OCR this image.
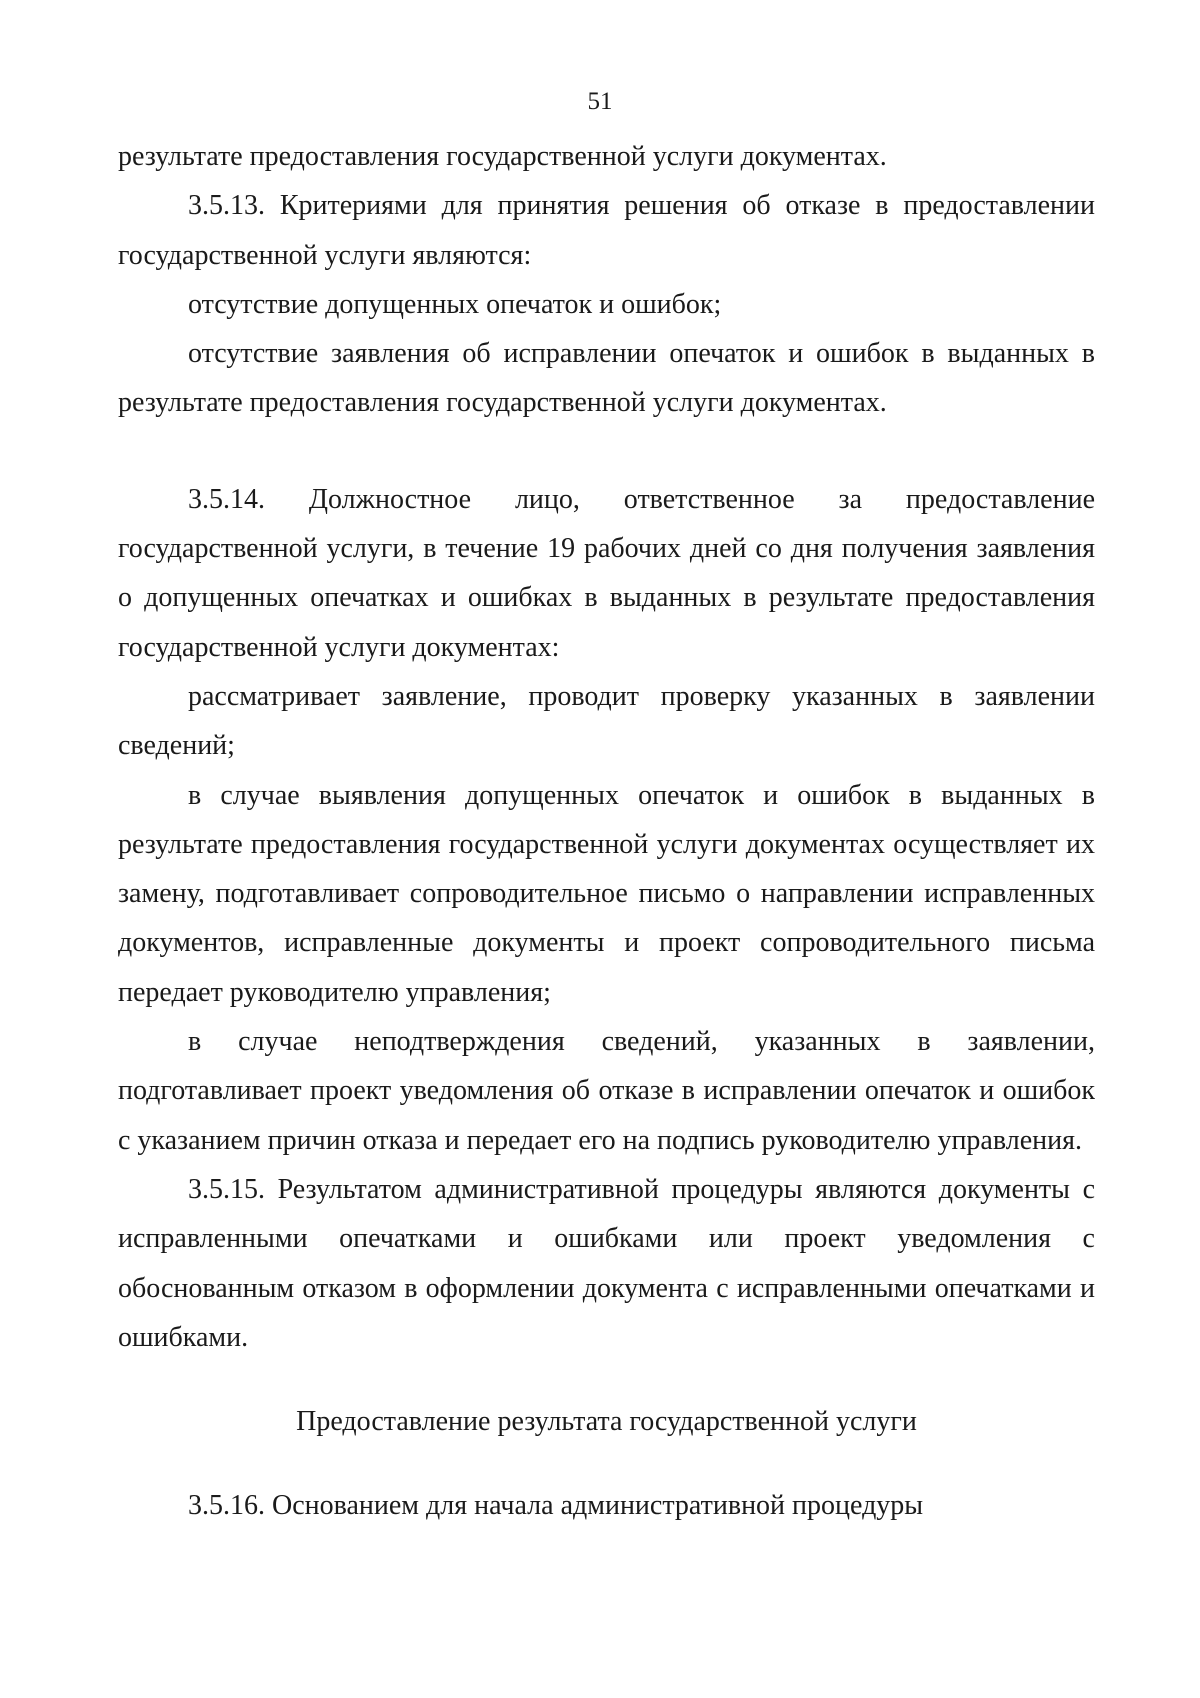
51

результате предоставления государственной услуги документах.

3.5.13. Критериями для принятия решения об отказе в предоставлении государственной услуги являются:

отсутствие допущенных опечаток и ошибок;

отсутствие заявления об исправлении опечаток и ошибок в выданных в результате предоставления государственной услуги документах.

3.5.14. Должностное лицо, ответственное за предоставление государственной услуги, в течение 19 рабочих дней со дня получения заявления о допущенных опечатках и ошибках в выданных в результате предоставления государственной услуги документах:

рассматривает заявление, проводит проверку указанных в заявлении сведений;

в случае выявления допущенных опечаток и ошибок в выданных в результате предоставления государственной услуги документах осуществляет их замену, подготавливает сопроводительное письмо о направлении исправленных документов, исправленные документы и проект сопроводительного письма передает руководителю управления;

в случае неподтверждения сведений, указанных в заявлении, подготавливает проект уведомления об отказе в исправлении опечаток и ошибок с указанием причин отказа и передает его на подпись руководителю управления.

3.5.15. Результатом административной процедуры являются документы с исправленными опечатками и ошибками или проект уведомления с обоснованным отказом в оформлении документа с исправленными опечатками и ошибками.

Предоставление результата государственной услуги

3.5.16. Основанием для начала административной процедуры
